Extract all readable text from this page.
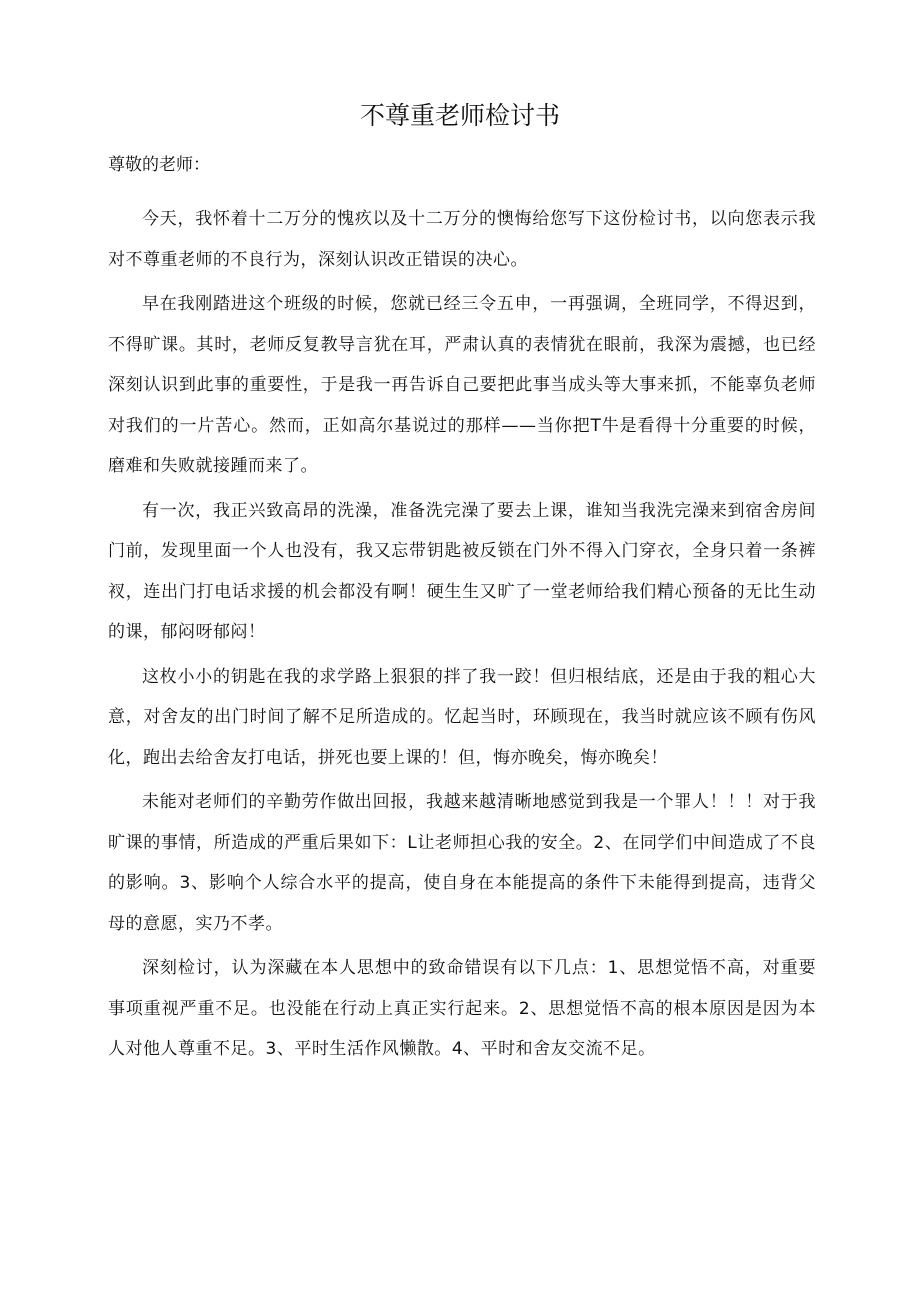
不尊重老师检讨书

尊敬的老师：

今天，我怀着十二万分的愧疚以及十二万分的懊悔给您写下这份检讨书，以向您表示我对不尊重老师的不良行为，深刻认识改正错误的决心。

早在我刚踏进这个班级的时候，您就已经三令五申，一再强调，全班同学，不得迟到，不得旷课。其时，老师反复教导言犹在耳，严肃认真的表情犹在眼前，我深为震撼，也已经深刻认识到此事的重要性，于是我一再告诉自己要把此事当成头等大事来抓，不能辜负老师对我们的一片苦心。然而，正如高尔基说过的那样——当你把T牛是看得十分重要的时候，磨难和失败就接踵而来了。

有一次，我正兴致高昂的洗澡，准备洗完澡了要去上课，谁知当我洗完澡来到宿舍房间门前，发现里面一个人也没有，我又忘带钥匙被反锁在门外不得入门穿衣，全身只着一条裤衩，连出门打电话求援的机会都没有啊！硬生生又旷了一堂老师给我们精心预备的无比生动的课，郁闷呀郁闷！

这枚小小的钥匙在我的求学路上狠狠的拌了我一跤！但归根结底，还是由于我的粗心大意，对舍友的出门时间了解不足所造成的。忆起当时，环顾现在，我当时就应该不顾有伤风化，跑出去给舍友打电话，拼死也要上课的！但，悔亦晚矣，悔亦晚矣！

未能对老师们的辛勤劳作做出回报，我越来越清晰地感觉到我是一个罪人！！！对于我旷课的事情，所造成的严重后果如下：L让老师担心我的安全。2、在同学们中间造成了不良的影响。3、影响个人综合水平的提高，使自身在本能提高的条件下未能得到提高，违背父母的意愿，实乃不孝。

深刻检讨，认为深藏在本人思想中的致命错误有以下几点：1、思想觉悟不高，对重要事项重视严重不足。也没能在行动上真正实行起来。2、思想觉悟不高的根本原因是因为本人对他人尊重不足。3、平时生活作风懒散。4、平时和舍友交流不足。
